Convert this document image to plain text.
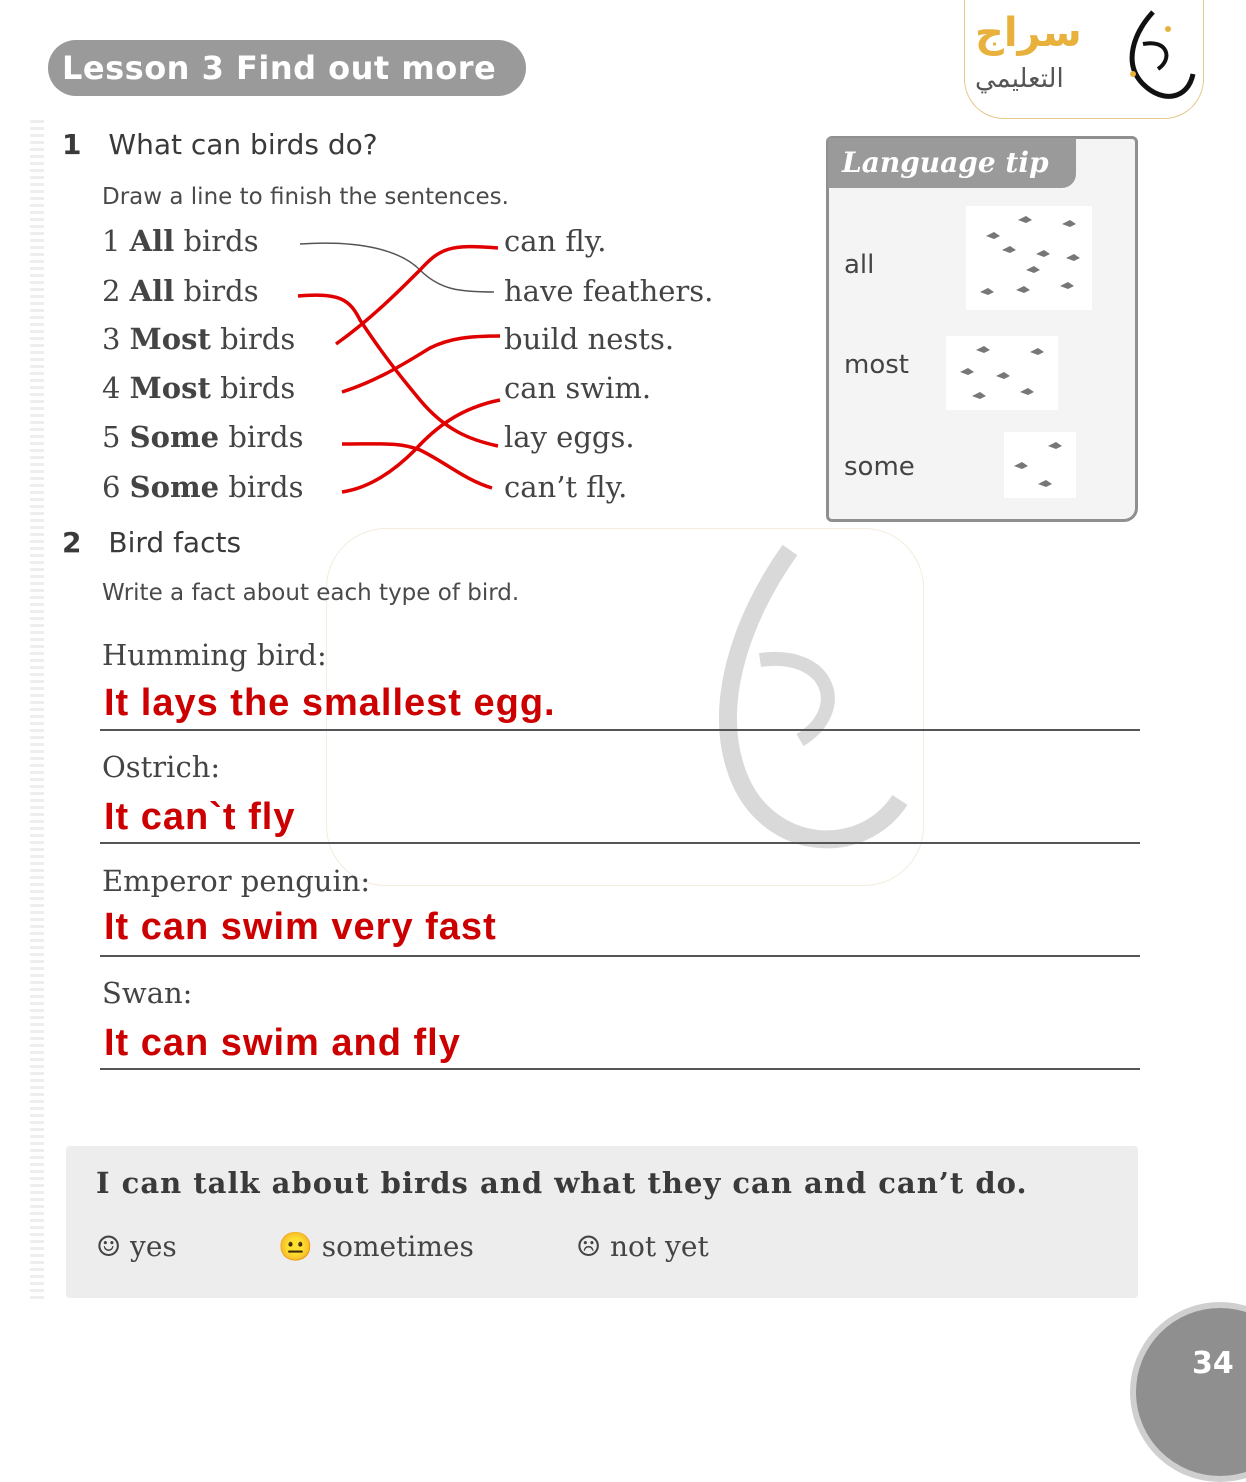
Lesson 3 Find out more
سراج
التعليمي
1 What can birds do?
Draw a line to finish the sentences.
1 All birds
2 All birds
3 Most birds
4 Most birds
5 Some birds
6 Some birds
can fly.
have feathers.
build nests.
can swim.
lay eggs.
can’t fly.
Language tip
all
most
some
2 Bird facts
Write a fact about each type of bird.
Humming bird:
It lays the smallest egg.
Ostrich:
It can`t fly
Emperor penguin:
It can swim very fast
Swan:
It can swim and fly
I can talk about birds and what they can and can’t do.
☺ yes	😐 sometimes	☹ not yet
34
